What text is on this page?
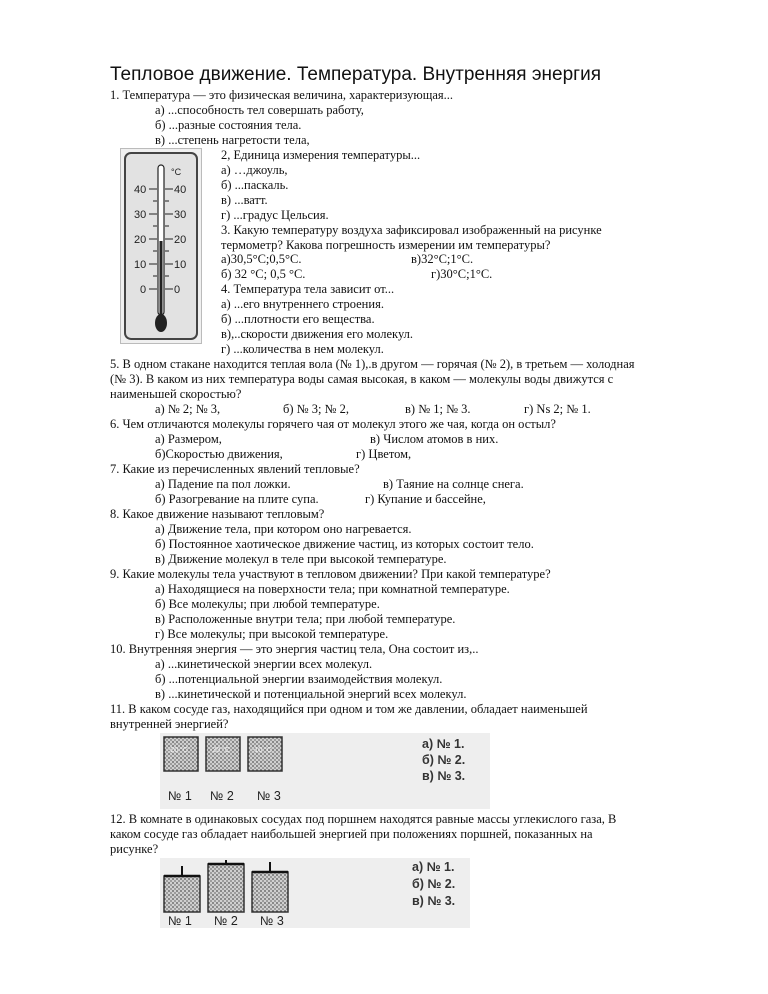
Тепловое движение. Температура. Внутренняя энергия
1. Температура — это физическая величина, характеризующая...
а) ...способность тел совершать работу,
б) ...разные состояния тела.
в) ...степень нагретости тела,
°С
40	40
30	30
20	20
10	10
0	0
2, Единица измерения температуры...
а) …джоуль,
б) ...паскаль.
в) ...ватт.
г) ...градус Цельсия.
3. Какую температуру воздуха зафиксировал изображенный на рисунке
термометр? Какова погрешность измерении им температуры?
а)30,5°С;0,5°С.	в)32°С;1°С.
б) 32 °С; 0,5 °С.	г)30°С;1°С.
4. Температура тела зависит от...
а) ...его внутреннего строения.
б) ...плотности его вещества.
в),..скорости движения его молекул.
г) ...количества в нем молекул.
5. В одном стакане находится теплая вола (№ 1),.в другом — горячая (№ 2), в третьем — холодная
(№ 3). В каком из них температура воды самая высокая, в каком — молекулы воды движутся с
наименьшей скоростью?
а) № 2; № 3,	б) № 3; № 2,	в) № 1; № 3.	г) Ns 2; № 1.
6. Чем отличаются молекулы горячего чая от молекул этого же чая, когда он остыл?
а) Размером,	в) Числом атомов в них.
б)Скоростью движения,	г) Цветом,
7. Какие из перечисленных явлений тепловые?
а) Падение па пол ложки.	в) Таяние на солнце снега.
б) Разогревание на плите супа.	г) Купание и бассейне,
8. Какое движение называют тепловым?
а) Движение тела, при котором оно нагревается.
б) Постоянное хаотическое движение частиц, из которых состоит тело.
в) Движение молекул в теле при высокой температуре.
9. Какие молекулы тела участвуют в тепловом движении? При какой температуре?
а) Находящиеся на поверхности тела; при комнатной температуре.
б) Все молекулы; при любой температуре.
в) Расположенные внутри тела; при любой температуре.
г) Все молекулы; при высокой температуре.
10. Внутренняя энергия — это энергия частиц тела, Она состоит из,..
а) ...кинетической энергии всех молекул.
б) ...потенциальной энергии взаимодействия молекул.
в) ...кинетической и потенциальной энергий всех молекул.
11. В каком сосуде газ, находящийся при одном и том же давлении, обладает наименьшей
внутренней энергией?
-20 °С	-20 °С	-10 °С
№ 1 № 2 № 3
а) № 1.
б) № 2.
в) № 3.
12. В комнате в одинаковых сосудах под поршнем находятся равные массы углекислого газа, В
каком сосуде газ обладает наибольшей энергией при положениях поршней, показанных на
рисунке?
№ 1 № 2 № 3
а) № 1.
б) № 2.
в) № 3.
